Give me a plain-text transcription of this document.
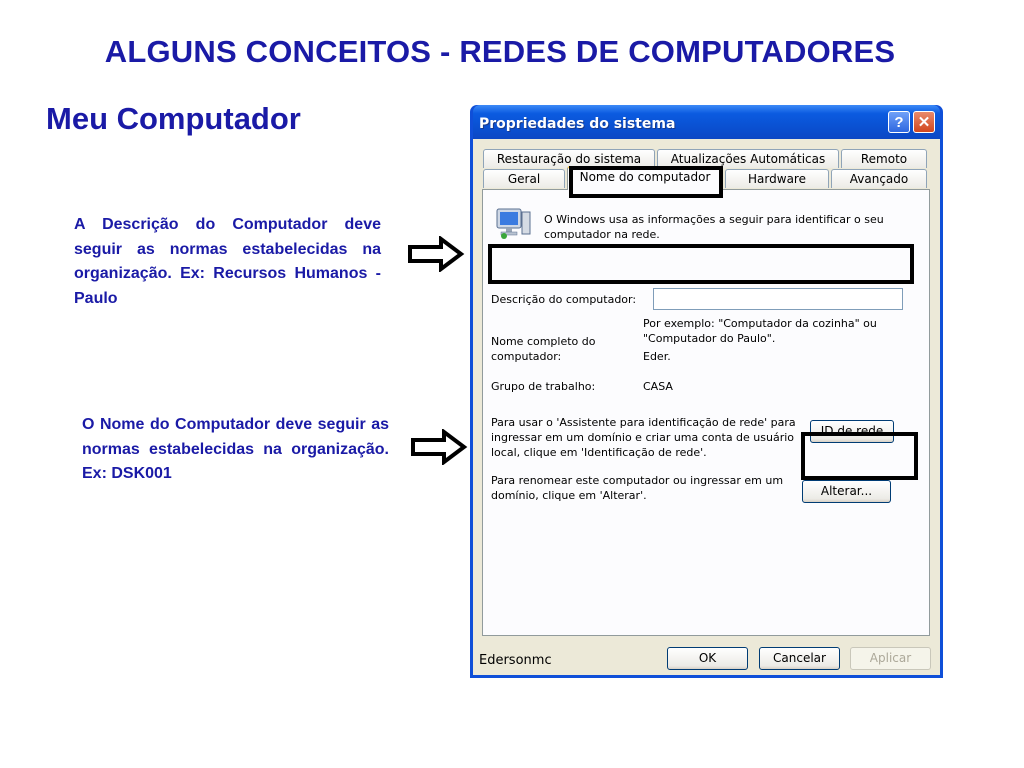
ALGUNS CONCEITOS - REDES DE COMPUTADORES
Meu Computador
A Descrição do Computador deve seguir as normas estabelecidas na organização. Ex: Recursos Humanos - Paulo
O Nome do Computador deve seguir as normas estabelecidas na organização. Ex: DSK001
Propriedades do sistema	? ✕
Restauração do sistema	Atualizações Automáticas	Remoto
Geral	Nome do computador	Hardware	Avançado
O Windows usa as informações a seguir para identificar o seu computador na rede.
Descrição do computador:
Por exemplo: "Computador da cozinha" ou "Computador do Paulo".
Nome completo do computador:	Eder.
Grupo de trabalho:	CASA
Para usar o 'Assistente para identificação de rede' para ingressar em um domínio e criar uma conta de usuário local, clique em 'Identificação de rede'.
ID de rede
Para renomear este computador ou ingressar em um domínio, clique em 'Alterar'.	Alterar...
Edersonmc	OK	Cancelar	Aplicar
